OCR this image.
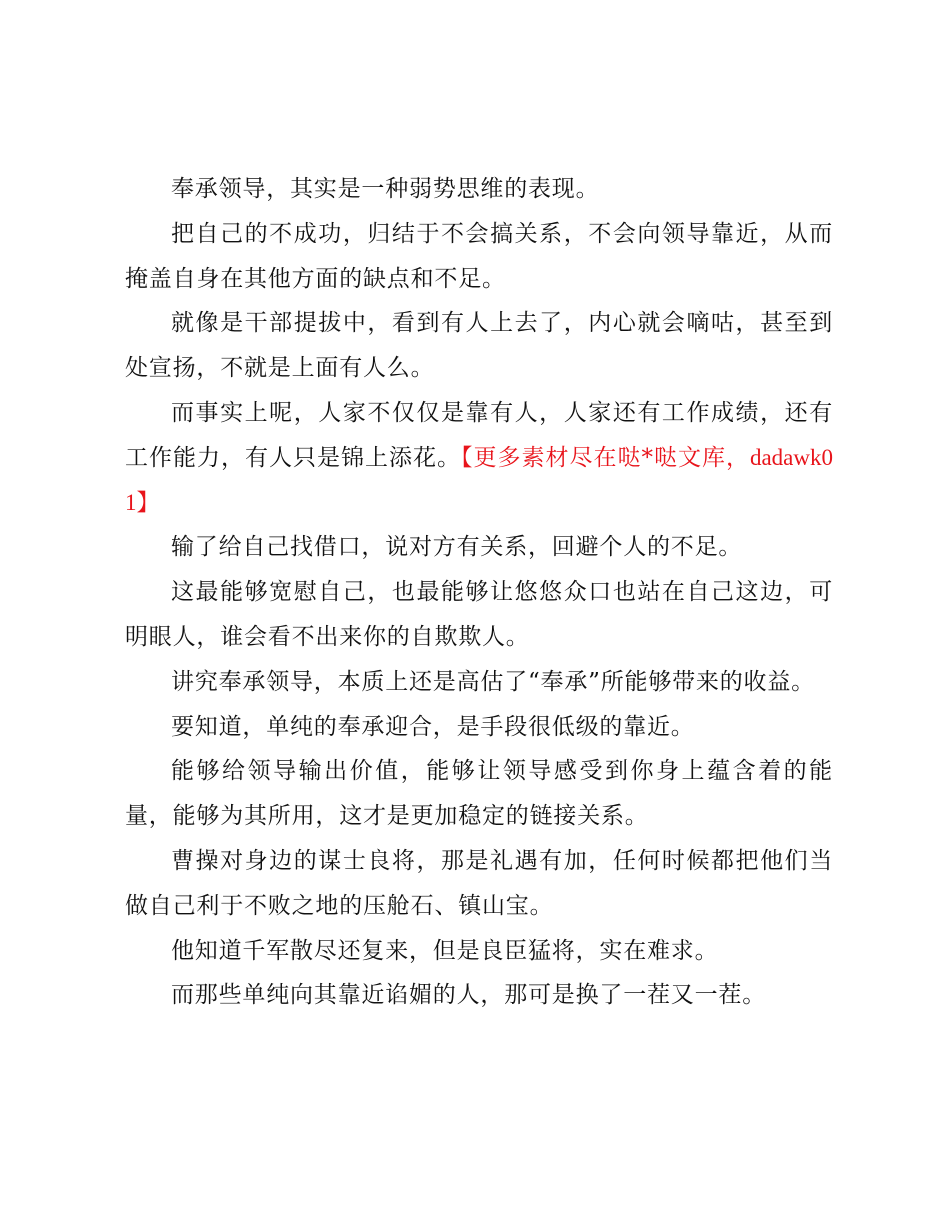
奉承领导，其实是一种弱势思维的表现。

把自己的不成功，归结于不会搞关系，不会向领导靠近，从而掩盖自身在其他方面的缺点和不足。

就像是干部提拔中，看到有人上去了，内心就会嘀咕，甚至到处宣扬，不就是上面有人么。

而事实上呢，人家不仅仅是靠有人，人家还有工作成绩，还有工作能力，有人只是锦上添花。【更多素材尽在哒*哒文库，dadawk01】

输了给自己找借口，说对方有关系，回避个人的不足。

这最能够宽慰自己，也最能够让悠悠众口也站在自己这边，可明眼人，谁会看不出来你的自欺欺人。

讲究奉承领导，本质上还是高估了“奉承”所能够带来的收益。

要知道，单纯的奉承迎合，是手段很低级的靠近。

能够给领导输出价值，能够让领导感受到你身上蕴含着的能量，能够为其所用，这才是更加稳定的链接关系。

曹操对身边的谋士良将，那是礼遇有加，任何时候都把他们当做自己利于不败之地的压舱石、镇山宝。

他知道千军散尽还复来，但是良臣猛将，实在难求。

而那些单纯向其靠近谄媚的人，那可是换了一茬又一茬。
